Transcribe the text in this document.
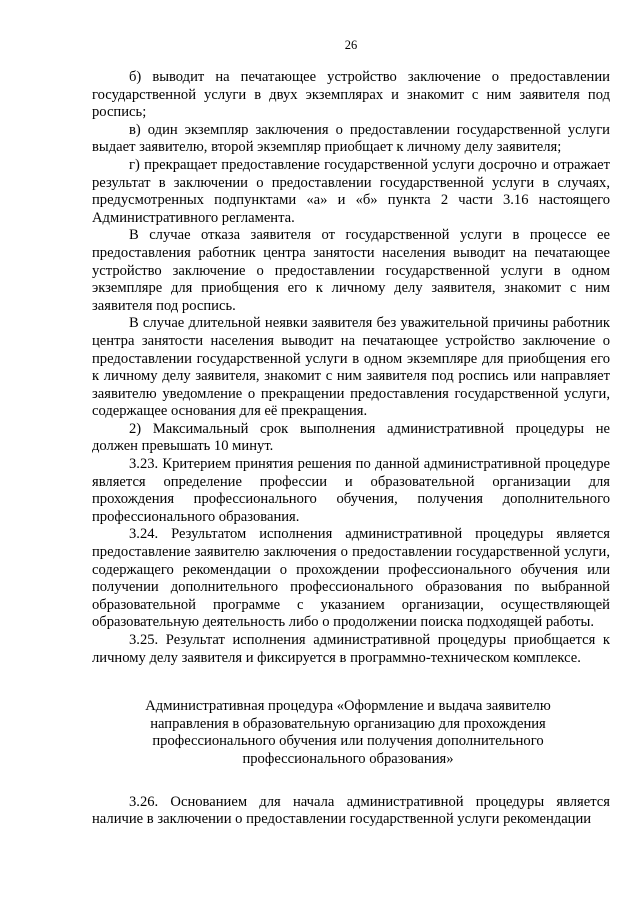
26

б) выводит на печатающее устройство заключение о предоставлении государственной услуги в двух экземплярах и знакомит с ним заявителя под роспись;

в) один экземпляр заключения о предоставлении государственной услуги выдает заявителю, второй экземпляр приобщает к личному делу заявителя;

г) прекращает предоставление государственной услуги досрочно и отражает результат в заключении о предоставлении государственной услуги в случаях, предусмотренных подпунктами «а» и «б» пункта 2 части 3.16 настоящего Административного регламента.

В случае отказа заявителя от государственной услуги в процессе ее предоставления работник центра занятости населения выводит на печатающее устройство заключение о предоставлении государственной услуги в одном экземпляре для приобщения его к личному делу заявителя, знакомит с ним заявителя под роспись.

В случае длительной неявки заявителя без уважительной причины работник центра занятости населения выводит на печатающее устройство заключение о предоставлении государственной услуги в одном экземпляре для приобщения его к личному делу заявителя, знакомит с ним заявителя под роспись или направляет заявителю уведомление о прекращении предоставления государственной услуги, содержащее основания для её прекращения.

2) Максимальный срок выполнения административной процедуры не должен превышать 10 минут.

3.23. Критерием принятия решения по данной административной процедуре является определение профессии и образовательной организации для прохождения профессионального обучения, получения дополнительного профессионального образования.

3.24. Результатом исполнения административной процедуры является предоставление заявителю заключения о предоставлении государственной услуги, содержащего рекомендации о прохождении профессионального обучения или получении дополнительного профессионального образования по выбранной образовательной программе с указанием организации, осуществляющей образовательную деятельность либо о продолжении поиска подходящей работы.

3.25. Результат исполнения административной процедуры приобщается к личному делу заявителя и фиксируется в программно-техническом комплексе.

Административная процедура «Оформление и выдача заявителю направления в образовательную организацию для прохождения профессионального обучения или получения дополнительного профессионального образования»

3.26. Основанием для начала административной процедуры является наличие в заключении о предоставлении государственной услуги рекомендации
